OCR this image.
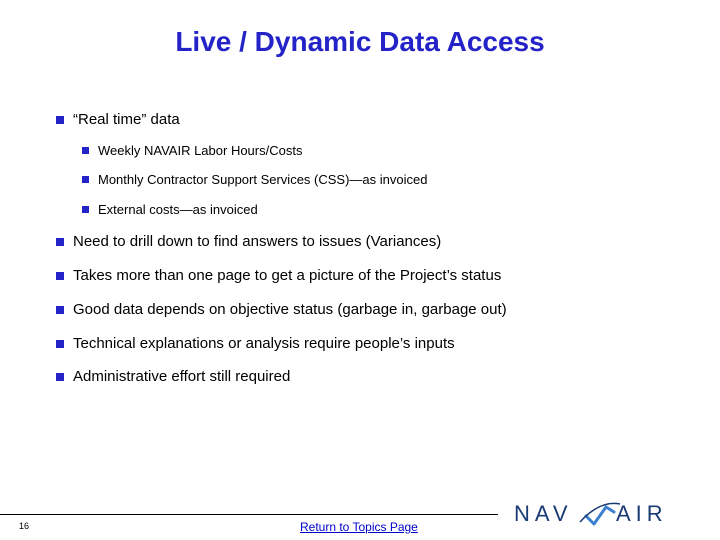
Live / Dynamic Data Access
“Real time” data
Weekly NAVAIR Labor Hours/Costs
Monthly Contractor Support Services (CSS)—as invoiced
External costs—as invoiced
Need to drill down to find answers to issues (Variances)
Takes more than one page to get a picture of the Project’s status
Good data depends on objective status (garbage in, garbage out)
Technical explanations or analysis require people’s inputs
Administrative effort still required
16	Return to Topics Page
NAV AIR
